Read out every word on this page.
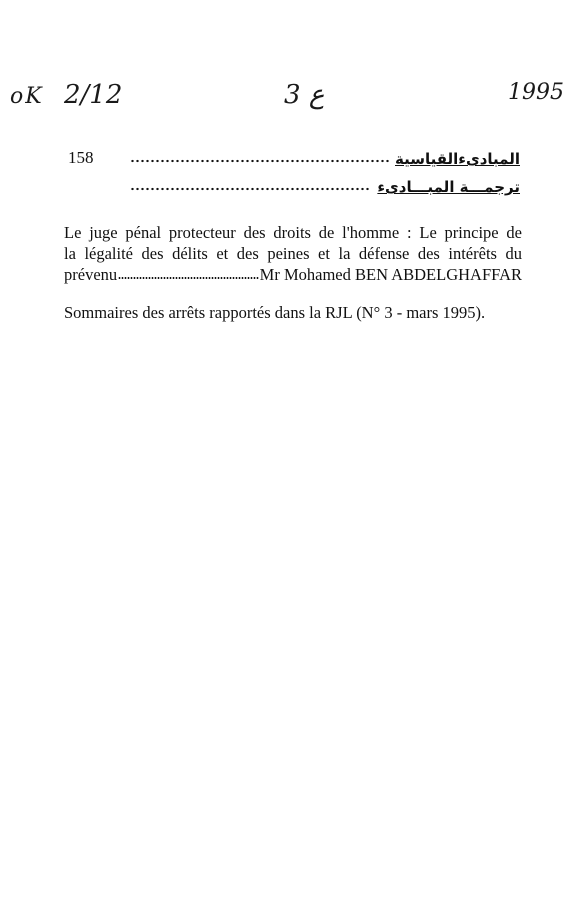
oK 2/12	3 ع	1995
158	المبادىءالقياسية
ترجمـــة المبـــادىء

Le juge pénal protecteur des droits de l'homme : Le principe de
la légalité des délits et des peines et la défense des intérêts du
prévenu	Mr Mohamed BEN ABDELGHAFFAR

Sommaires des arrêts rapportés dans la RJL (N° 3 - mars 1995).
